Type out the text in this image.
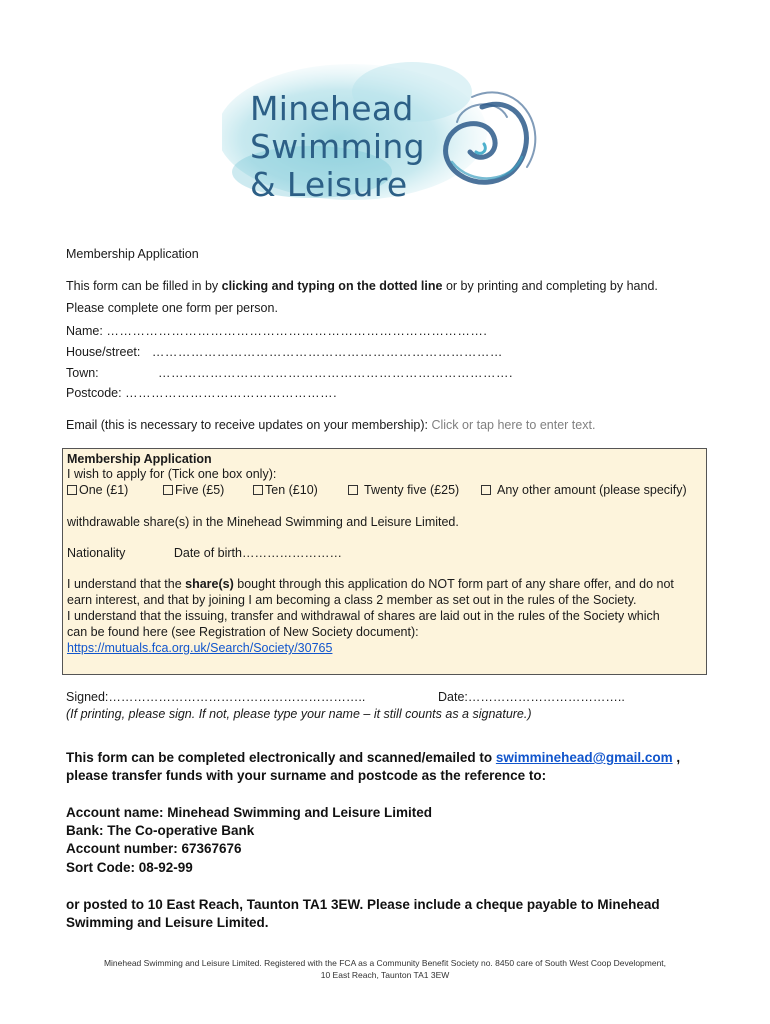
Minehead
Swimming
& Leisure
Membership Application
This form can be filled in by clicking and typing on the dotted line or by printing and completing by hand.
Please complete one form per person.
Name: …………………………………………………………………………….
House/street: ………………………………………………………………………
Town:	……………………………………………………………………….
Postcode: ………………………………………….
Email (this is necessary to receive updates on your membership): Click or tap here to enter text.
Membership Application
I wish to apply for (Tick one box only):
One (£1)	Five (£5)	Ten (£10)	Twenty five (£25)	Any other amount (please specify)
withdrawable share(s) in the Minehead Swimming and Leisure Limited.
Nationality	Date of birth……………………
I understand that the share(s) bought through this application do NOT form part of any share offer, and do not
earn interest, and that by joining I am becoming a class 2 member as set out in the rules of the Society.
I understand that the issuing, transfer and withdrawal of shares are laid out in the rules of the Society which
can be found here (see Registration of New Society document):
https://mutuals.fca.org.uk/Search/Society/30765
Signed:……………………………………………………..	Date:………………………………..
(If printing, please sign. If not, please type your name – it still counts as a signature.)
This form can be completed electronically and scanned/emailed to swimminehead@gmail.com ,
please transfer funds with your surname and postcode as the reference to:
Account name: Minehead Swimming and Leisure Limited
Bank: The Co-operative Bank
Account number: 67367676
Sort Code: 08-92-99
or posted to 10 East Reach, Taunton TA1 3EW. Please include a cheque payable to Minehead
Swimming and Leisure Limited.
Minehead Swimming and Leisure Limited. Registered with the FCA as a Community Benefit Society no. 8450 care of South West Coop Development,
10 East Reach, Taunton TA1 3EW
